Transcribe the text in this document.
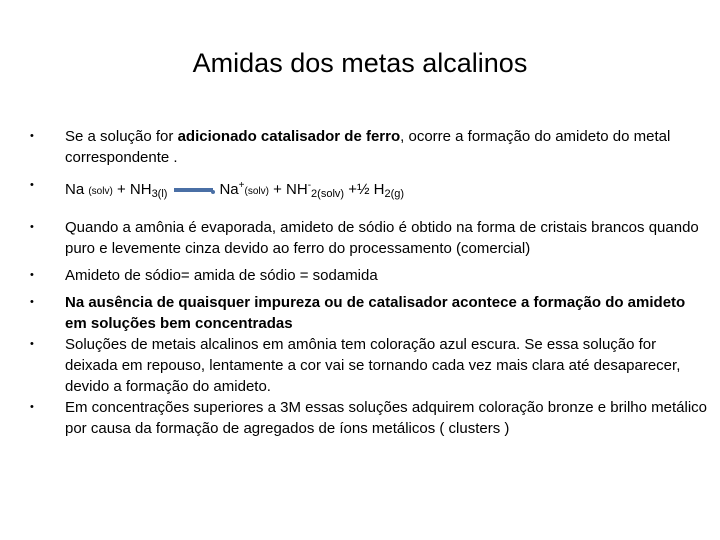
Amidas dos metas alcalinos
• Se a solução for adicionado catalisador de ferro, ocorre a formação do amideto do metal correspondente .
• Na (solv) + $NH_{3(l)}$ → Na+(solv) + $NH^-_{2(solv)}$ +½ $H_{2(g)}$
• Quando a amônia é evaporada, amideto de sódio é obtido na forma de cristais brancos quando puro e levemente cinza devido ao ferro do processamento (comercial)
• Amideto de sódio= amida de sódio = sodamida
• Na ausência de quaisquer impureza ou de catalisador acontece a formação do amideto em soluções bem concentradas
• Soluções de metais alcalinos em amônia tem coloração azul escura. Se essa solução for deixada em repouso, lentamente a cor vai se tornando cada vez mais clara até desaparecer, devido a formação do amideto.
• Em concentrações superiores a 3M essas soluções adquirem coloração bronze e brilho metálico por causa da formação de agregados de íons metálicos ( clusters )
